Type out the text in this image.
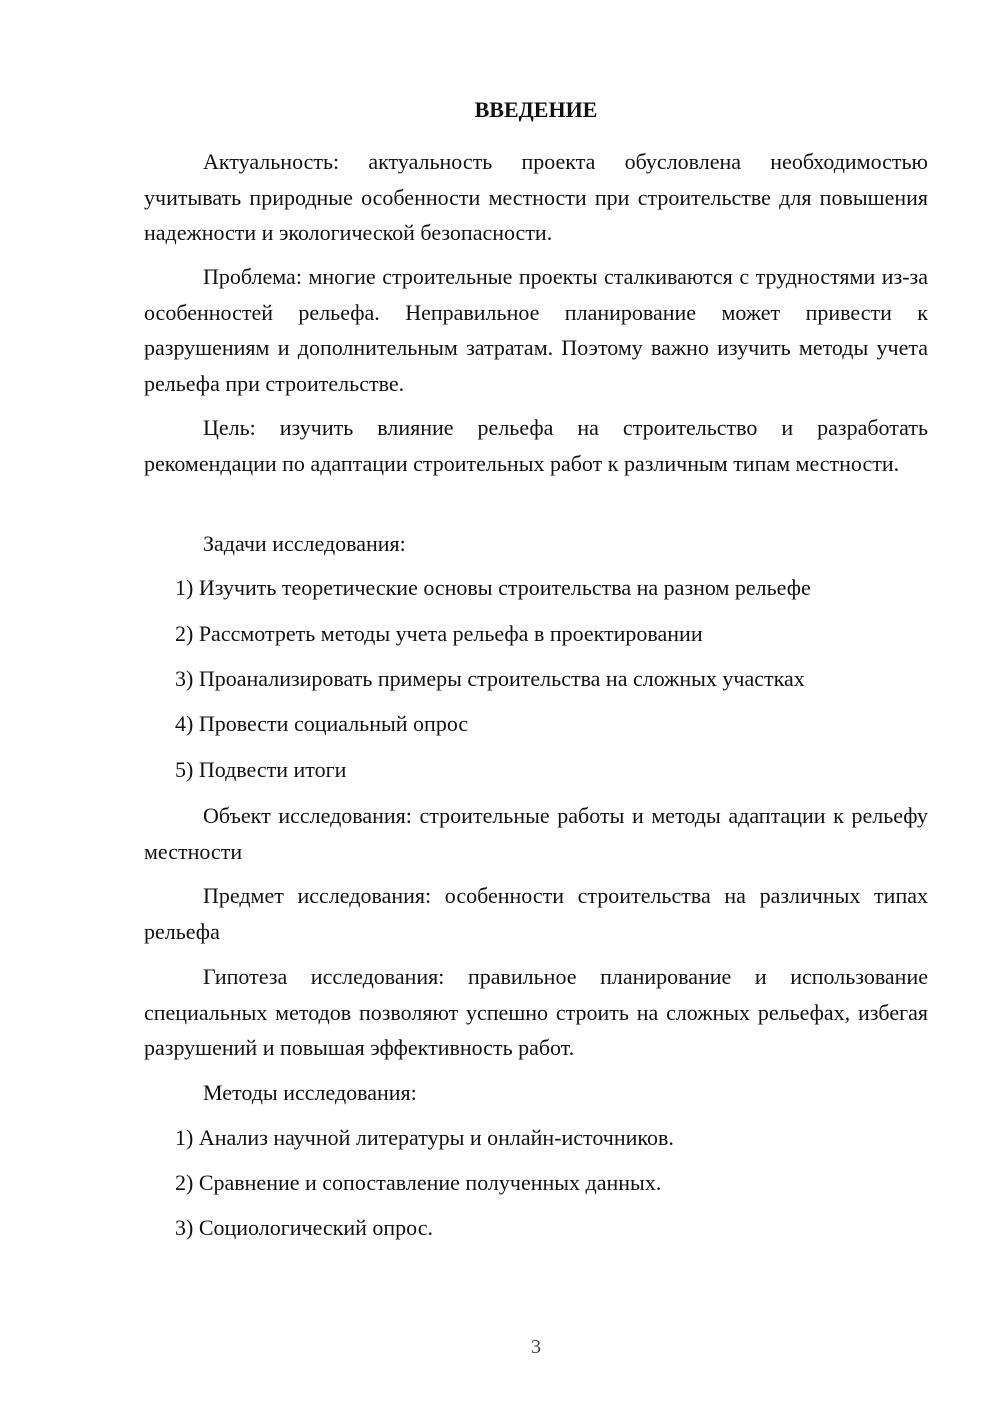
ВВЕДЕНИЕ

Актуальность: актуальность проекта обусловлена необходимостью учитывать природные особенности местности при строительстве для повышения надежности и экологической безопасности.

Проблема: многие строительные проекты сталкиваются с трудностями из-за особенностей рельефа. Неправильное планирование может привести к разрушениям и дополнительным затратам. Поэтому важно изучить методы учета рельефа при строительстве.

Цель: изучить влияние рельефа на строительство и разработать рекомендации по адаптации строительных работ к различным типам местности.

Задачи исследования:

1) Изучить теоретические основы строительства на разном рельефе

2) Рассмотреть методы учета рельефа в проектировании

3) Проанализировать примеры строительства на сложных участках

4) Провести социальный опрос

5) Подвести итоги

Объект исследования: строительные работы и методы адаптации к рельефу местности

Предмет исследования: особенности строительства на различных типах рельефа

Гипотеза исследования: правильное планирование и использование специальных методов позволяют успешно строить на сложных рельефах, избегая разрушений и повышая эффективность работ.

Методы исследования:

1) Анализ научной литературы и онлайн-источников.

2) Сравнение и сопоставление полученных данных.

3) Социологический опрос.

3
